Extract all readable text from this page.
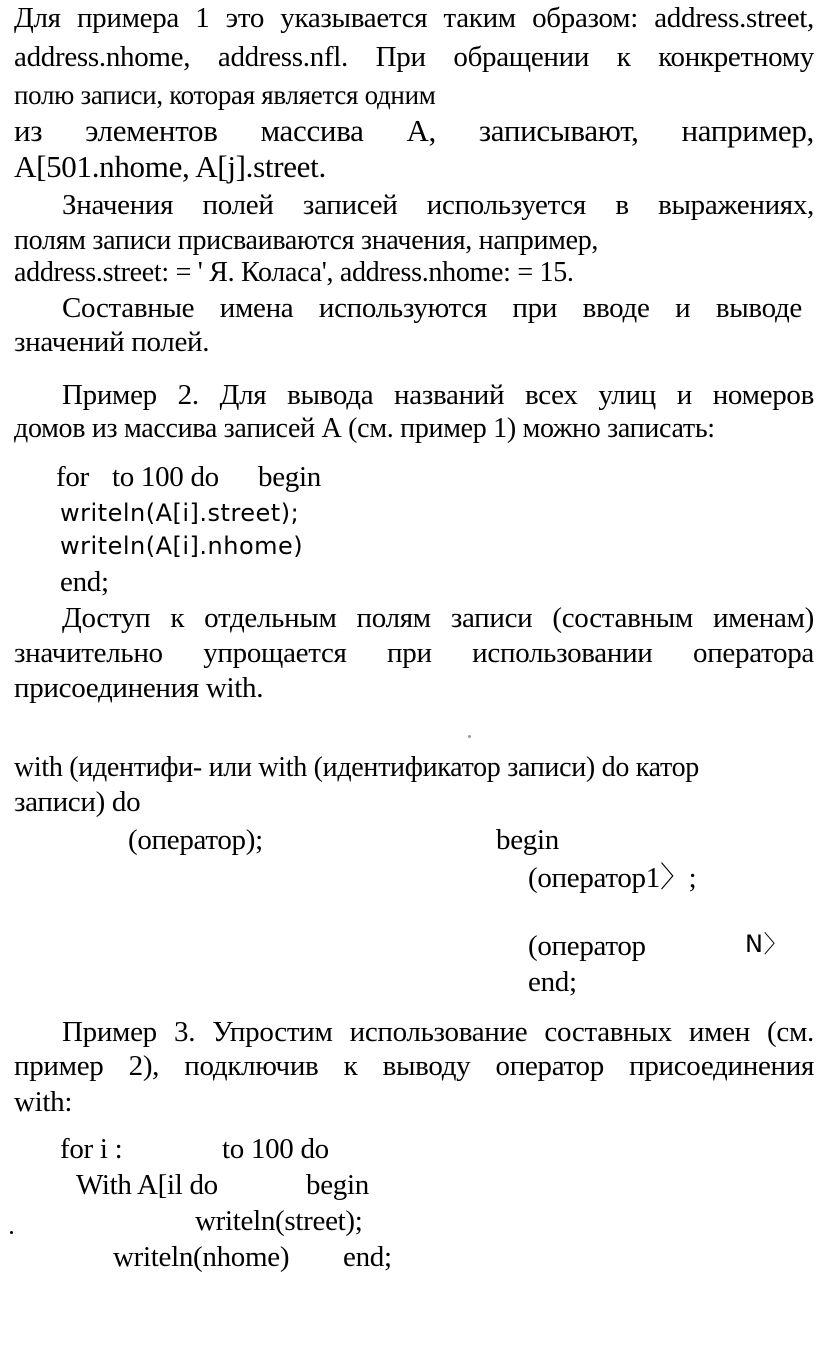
Для примера 1 это указывается таким образом: address.street,
address.nhome, address.nfl. При обращении к конкретному
полю записи, которая является одним
из элементов массива А, записывают, например,
A[501.nhome, A[j].street.
Значения полей записей используется в выражениях,
полям записи присваиваются значения, например,
address.street: = ' Я. Коласа', address.nhome: = 15.
Составные имена используются при вводе и выводе
значений полей.
Пример 2. Для вывода названий всех улиц и номеров
домов из массива записей А (см. пример 1) можно записать:
for to 100 do begin
writeln(A[i].street);
writeln(A[i].nhome)
end;
Доступ к отдельным полям записи (составным именам)
значительно упрощается при использовании оператора
присоединения with.
with (идентифи- или with (идентификатор записи) do катор
записи) do
(оператор);	begin
(оператор1〉;
(оператор	N〉
end;
Пример 3. Упростим использование составных имен (см.
пример 2), подключив к выводу оператор присоединения
with:
for i :	to 100 do
With A[il do	begin
writeln(street);
writeln(nhome) end;
